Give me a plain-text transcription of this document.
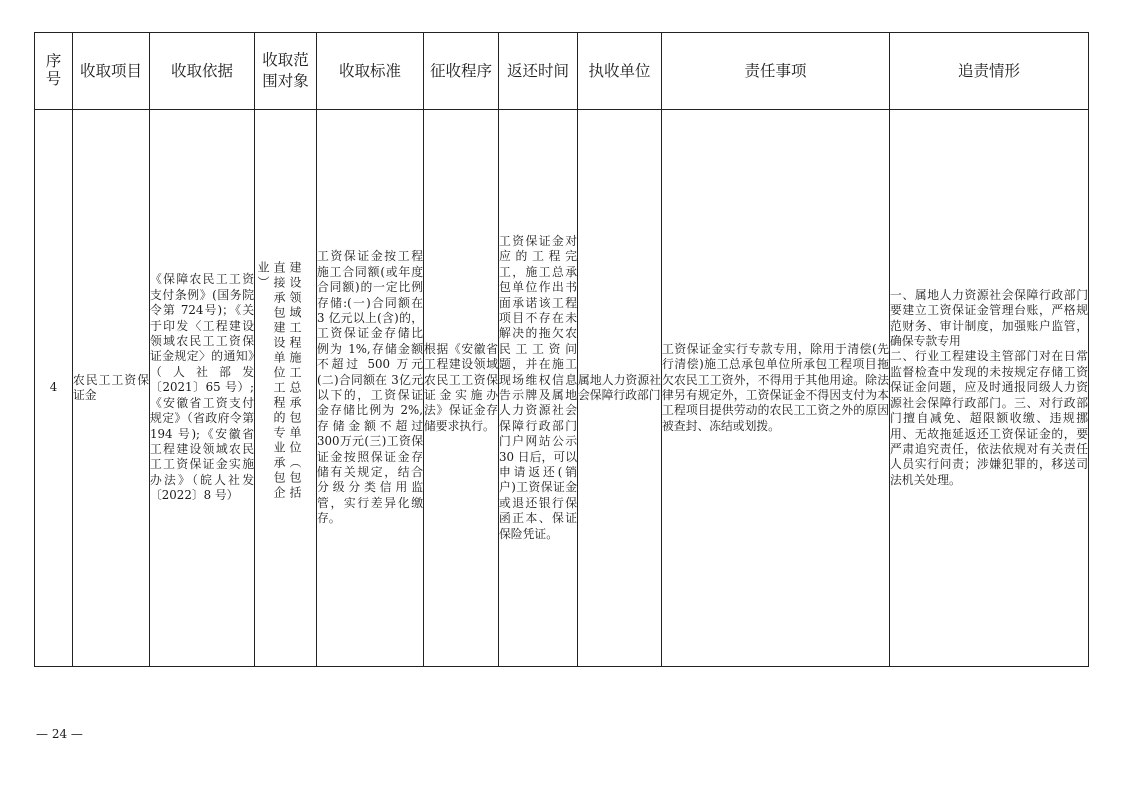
序号	收取项目	收取依据	收取范围对象	收取标准	征收程序	返还时间	执收单位	责任事项	追责情形
4	农民工工资保证金	《保障农民工工资支付条例》(国务院令第 724号)；《关于印发〈工程建设领域农民工工资保证金规定〉的通知》（人社部发〔2021〕65 号）;《安徽省工资支付规定》（省政府令第 194 号);《安徽省工程建设领域农民工工资保证金实施办法》（皖人社发〔2022〕8 号）	建设领域工程施工总承包单位（包括直接承包建设单位工程的专业承包企业）	工资保证金按工程施工合同额(或年度合同额)的一定比例存储:(一)合同额在 3 亿元以上(含)的，工资保证金存储比例为 1%,存储金额不超过 500 万元(二)合同额在 3亿元以下的，工资保证金存储比例为 2%,存储金额不超过 300万元(三)工资保证金按照保证金存储有关规定，结合分级分类信用监管，实行差异化缴存。	根据《安徽省工程建设领域农民工工资保证金实施办法》保证金存储要求执行。	工资保证金对应的工程完工，施工总承包单位作出书面承诺该工程项目不存在未解决的拖欠农民工工资问题，并在施工现场维权信息告示牌及属地人力资源社会保障行政部门门户网站公示 30 日后，可以申请返还(销户)工资保证金或退还银行保函正本、保证保险凭证。	属地人力资源社会保障行政部门	工资保证金实行专款专用，除用于清偿(先行清偿)施工总承包单位所承包工程项目拖欠农民工工资外，不得用于其他用途。除法律另有规定外，工资保证金不得因支付为本工程项目提供劳动的农民工工资之外的原因被查封、冻结或划拨。	一、属地人力资源社会保障行政部门要建立工资保证金管理台账，严格规范财务、审计制度，加强账户监管，确保专款专用
二、行业工程建设主管部门对在日常监督检查中发现的未按规定存储工资保证金问题，应及时通报同级人力资源社会保障行政部门。三、对行政部门擅自减免、超限额收缴、违规挪用、无故拖延返还工资保证金的，要严肃追究责任，依法依规对有关责任人员实行问责；涉嫌犯罪的，移送司法机关处理。
— 24 —
